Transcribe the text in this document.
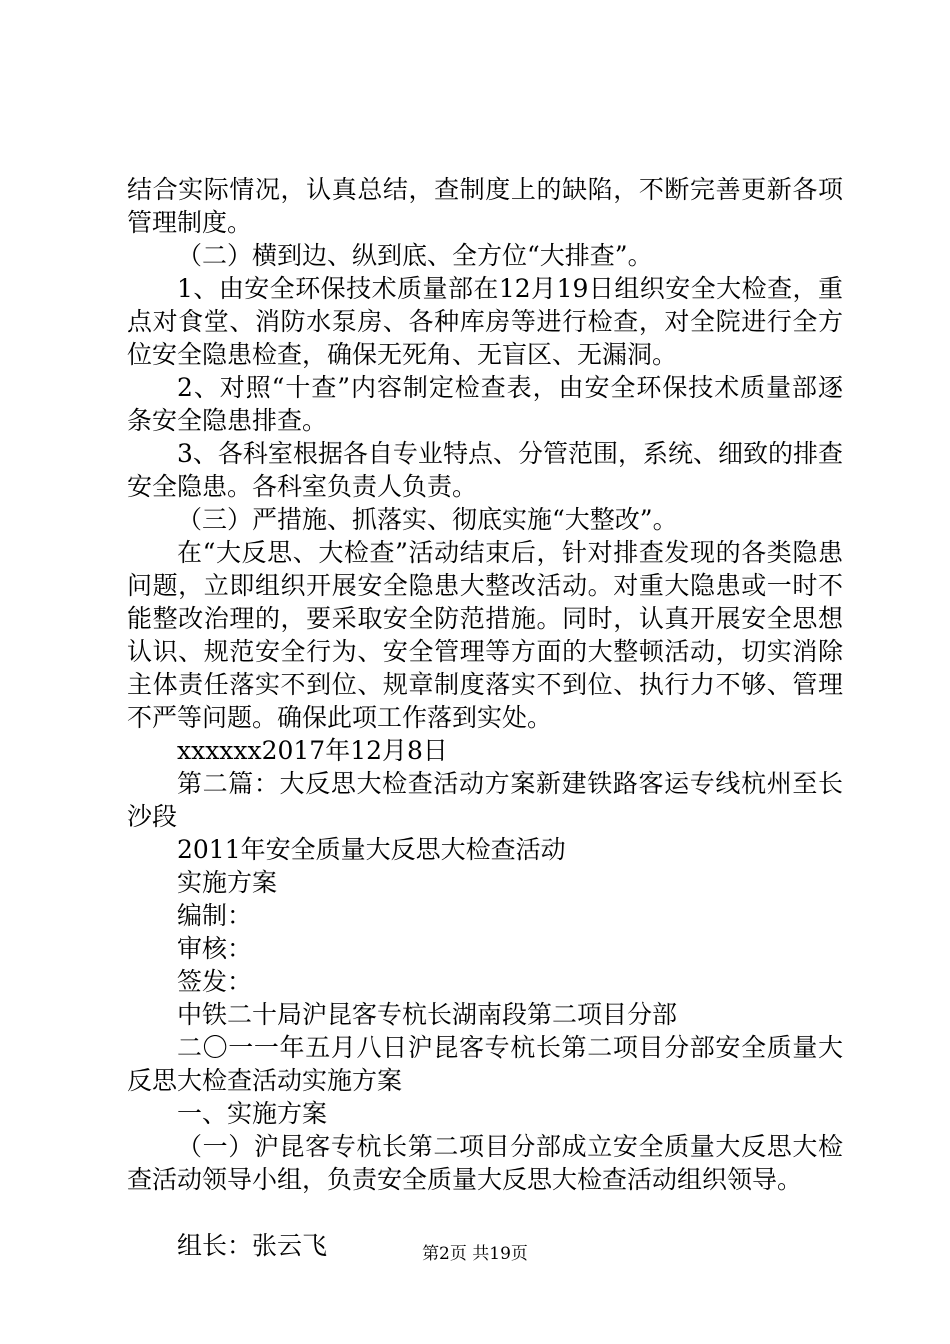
结合实际情况，认真总结，查制度上的缺陷，不断完善更新各项管理制度。

（二）横到边、纵到底、全方位“大排查”。

1、由安全环保技术质量部在12月19日组织安全大检查，重点对食堂、消防水泵房、各种库房等进行检查，对全院进行全方位安全隐患检查，确保无死角、无盲区、无漏洞。

2、对照“十查”内容制定检查表，由安全环保技术质量部逐条安全隐患排查。

3、各科室根据各自专业特点、分管范围，系统、细致的排查安全隐患。各科室负责人负责。

（三）严措施、抓落实、彻底实施“大整改”。

在“大反思、大检查”活动结束后，针对排查发现的各类隐患问题，立即组织开展安全隐患大整改活动。对重大隐患或一时不能整改治理的，要采取安全防范措施。同时，认真开展安全思想认识、规范安全行为、安全管理等方面的大整顿活动，切实消除主体责任落实不到位、规章制度落实不到位、执行力不够、管理不严等问题。确保此项工作落到实处。

xxxxxx2017年12月8日

第二篇：大反思大检查活动方案新建铁路客运专线杭州至长沙段

2011年安全质量大反思大检查活动

实施方案

编制：

审核：

签发：

中铁二十局沪昆客专杭长湖南段第二项目分部

二〇一一年五月八日沪昆客专杭长第二项目分部安全质量大反思大检查活动实施方案

一、实施方案

（一）沪昆客专杭长第二项目分部成立安全质量大反思大检查活动领导小组，负责安全质量大反思大检查活动组织领导。

组长：张云飞	第2页 共19页
